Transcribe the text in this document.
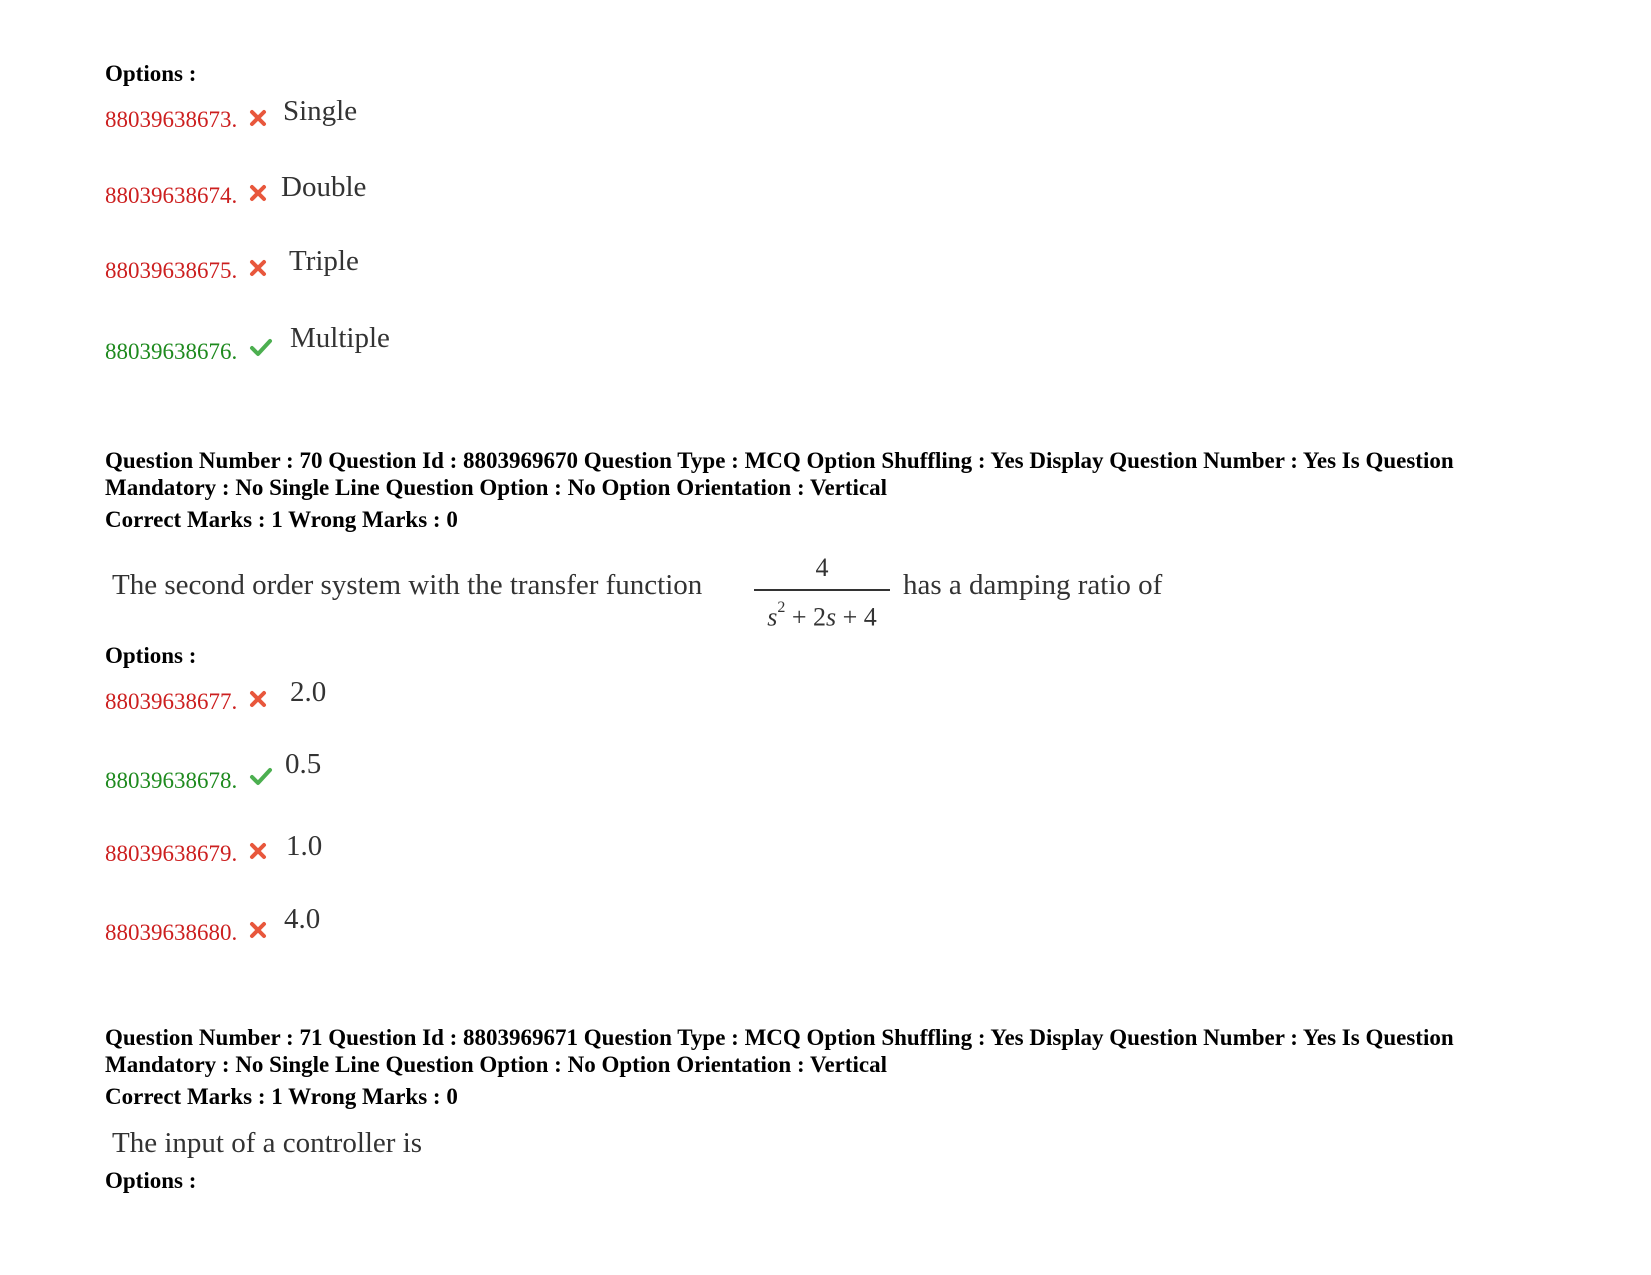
Options :
88039638673. Single
88039638674. Double
88039638675. Triple
88039638676. Multiple
Question Number : 70 Question Id : 8803969670 Question Type : MCQ Option Shuffling : Yes Display Question Number : Yes Is Question Mandatory : No Single Line Question Option : No Option Orientation : Vertical
Correct Marks : 1 Wrong Marks : 0
The second order system with the transfer function
4
$s^2 + 2s + 4$
has a damping ratio of
Options :
88039638677. 2.0
88039638678.
0.5
88039638679. 1.0
88039638680. 4.0
Question Number : 71 Question Id : 8803969671 Question Type : MCQ Option Shuffling : Yes Display Question Number : Yes Is Question Mandatory : No Single Line Question Option : No Option Orientation : Vertical
Correct Marks : 1 Wrong Marks : 0
The input of a controller is
Options :
